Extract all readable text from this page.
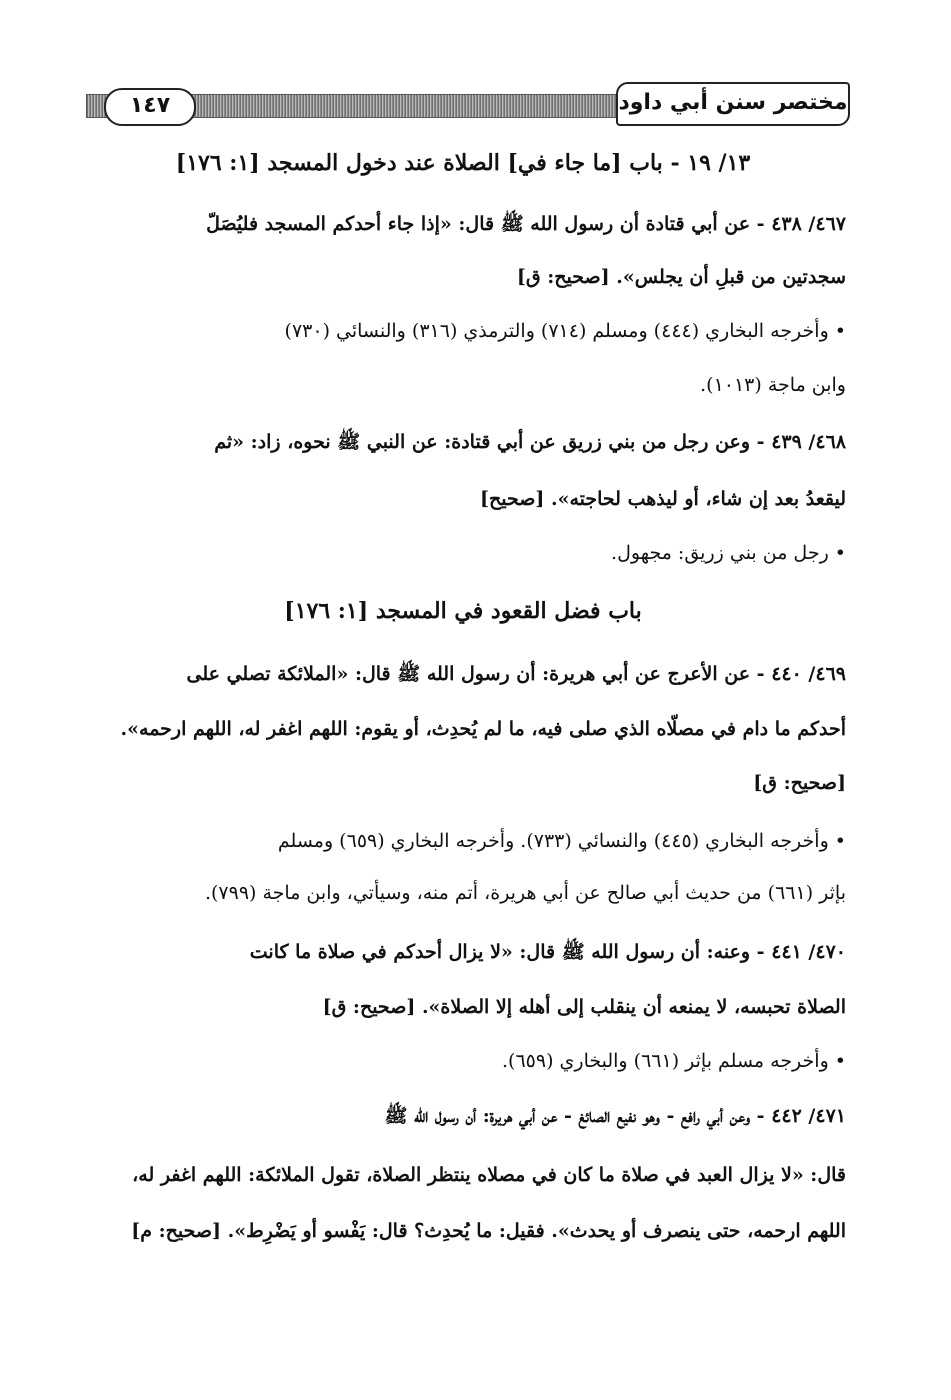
١٤٧	مختصر سنن أبي داود
١٣/ ١٩ - باب [ما جاء في] الصلاة عند دخول المسجد [١: ١٧٦]
٤٦٧/ ٤٣٨ - عن أبي قتادة أن رسول الله ﷺ قال: «إذا جاء أحدكم المسجد فليُصَلّ
سجدتين من قبلِ أن يجلس». [صحيح: ق]
• وأخرجه البخاري (٤٤٤) ومسلم (٧١٤) والترمذي (٣١٦) والنسائي (٧٣٠)
وابن ماجة (١٠١٣).
٤٦٨/ ٤٣٩ - وعن رجل من بني زريق عن أبي قتادة: عن النبي ﷺ نحوه، زاد: «ثم
ليقعدُ بعد إن شاء، أو ليذهب لحاجته». [صحيح]
• رجل من بني زريق: مجهول.
باب فضل القعود في المسجد [١: ١٧٦]
٤٦٩/ ٤٤٠ - عن الأعرج عن أبي هريرة: أن رسول الله ﷺ قال: «الملائكة تصلي على
أحدكم ما دام في مصلّاه الذي صلى فيه، ما لم يُحدِث، أو يقوم: اللهم اغفر له، اللهم ارحمه».
[صحيح: ق]
• وأخرجه البخاري (٤٤٥) والنسائي (٧٣٣). وأخرجه البخاري (٦٥٩) ومسلم
بإثر (٦٦١) من حديث أبي صالح عن أبي هريرة، أتم منه، وسيأتي، وابن ماجة (٧٩٩).
٤٧٠/ ٤٤١ - وعنه: أن رسول الله ﷺ قال: «لا يزال أحدكم في صلاة ما كانت
الصلاة تحبسه، لا يمنعه أن ينقلب إلى أهله إلا الصلاة». [صحيح: ق]
• وأخرجه مسلم بإثر (٦٦١) والبخاري (٦٥٩).
٤٧١/ ٤٤٢ - وعن أبي رافع - وهو نفيع الصائغ - عن أبي هريرة: أن رسول الله ﷺ
قال: «لا يزال العبد في صلاة ما كان في مصلاه ينتظر الصلاة، تقول الملائكة: اللهم اغفر له،
اللهم ارحمه، حتى ينصرف أو يحدث». فقيل: ما يُحدِث؟ قال: يَفْسو أو يَضْرِط». [صحيح: م]
